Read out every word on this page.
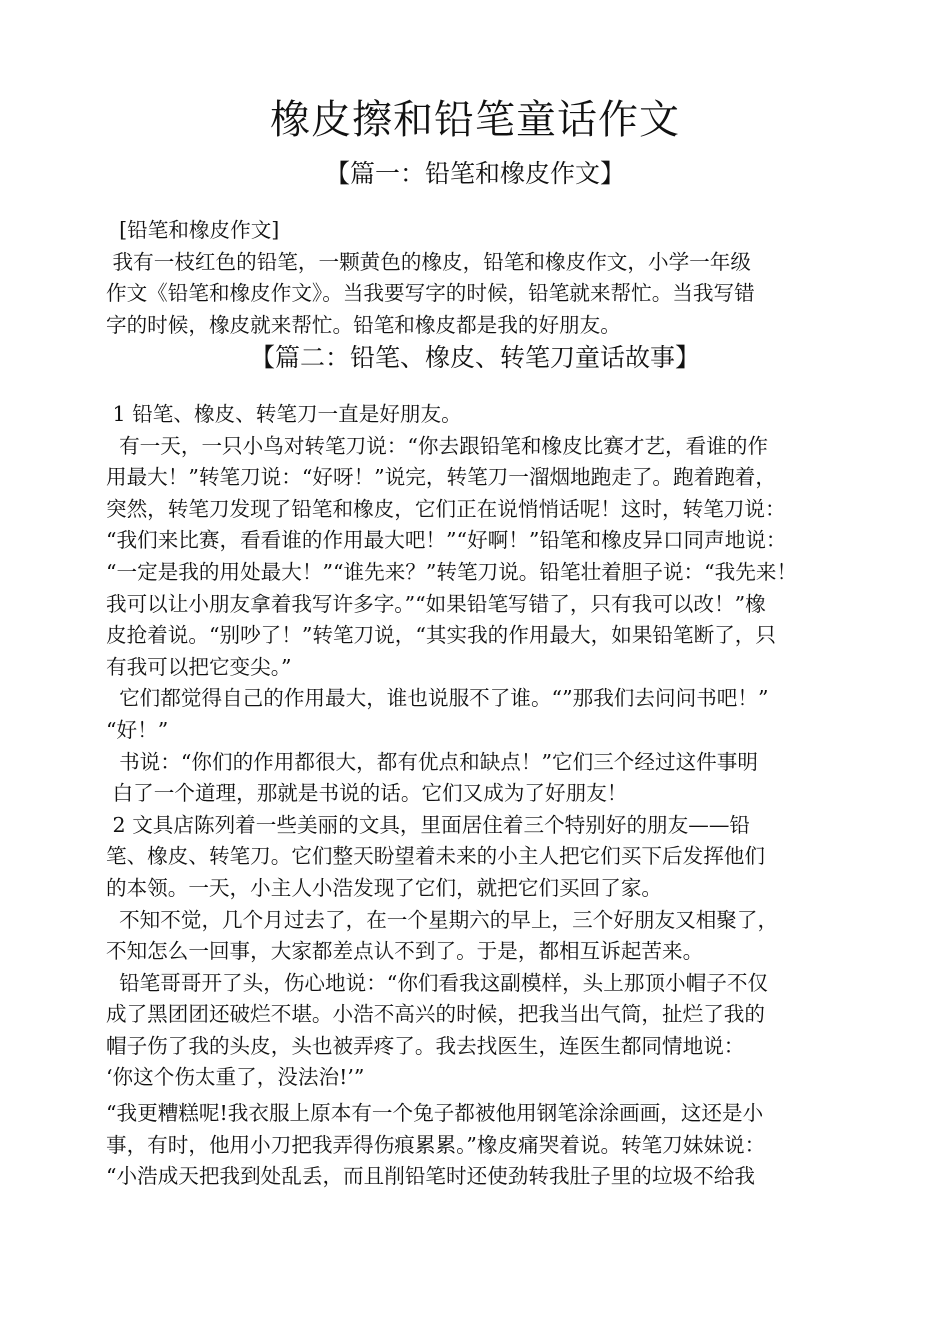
橡皮擦和铅笔童话作文
【篇一：铅笔和橡皮作文】
[铅笔和橡皮作文]
我有一枝红色的铅笔，一颗黄色的橡皮，铅笔和橡皮作文，小学一年级
作文《铅笔和橡皮作文》。当我要写字的时候，铅笔就来帮忙。当我写错
字的时候，橡皮就来帮忙。铅笔和橡皮都是我的好朋友。
【篇二：铅笔、橡皮、转笔刀童话故事】
1 铅笔、橡皮、转笔刀一直是好朋友。
有一天，一只小鸟对转笔刀说：“你去跟铅笔和橡皮比赛才艺，看谁的作
用最大！”转笔刀说：“好呀！”说完，转笔刀一溜烟地跑走了。跑着跑着，
突然，转笔刀发现了铅笔和橡皮，它们正在说悄悄话呢！这时，转笔刀说：
“我们来比赛，看看谁的作用最大吧！”“好啊！”铅笔和橡皮异口同声地说：
“一定是我的用处最大！”“谁先来？”转笔刀说。铅笔壮着胆子说：“我先来！
我可以让小朋友拿着我写许多字。”“如果铅笔写错了，只有我可以改！”橡
皮抢着说。“别吵了！”转笔刀说，“其实我的作用最大，如果铅笔断了，只
有我可以把它变尖。”
它们都觉得自己的作用最大，谁也说服不了谁。“”那我们去问问书吧！”
“好！”
书说：“你们的作用都很大，都有优点和缺点！”它们三个经过这件事明
白了一个道理，那就是书说的话。它们又成为了好朋友！
2 文具店陈列着一些美丽的文具，里面居住着三个特别好的朋友——铅
笔、橡皮、转笔刀。它们整天盼望着未来的小主人把它们买下后发挥他们
的本领。一天，小主人小浩发现了它们，就把它们买回了家。
不知不觉，几个月过去了，在一个星期六的早上，三个好朋友又相聚了，
不知怎么一回事，大家都差点认不到了。于是，都相互诉起苦来。
铅笔哥哥开了头，伤心地说：“你们看我这副模样，头上那顶小帽子不仅
成了黑团团还破烂不堪。小浩不高兴的时候，把我当出气筒，扯烂了我的
帽子伤了我的头皮，头也被弄疼了。我去找医生，连医生都同情地说：
‘你这个伤太重了，没法治!’”
“我更糟糕呢!我衣服上原本有一个兔子都被他用钢笔涂涂画画，这还是小
事，有时，他用小刀把我弄得伤痕累累。”橡皮痛哭着说。转笔刀妹妹说：
“小浩成天把我到处乱丢，而且削铅笔时还使劲转我肚子里的垃圾不给我
